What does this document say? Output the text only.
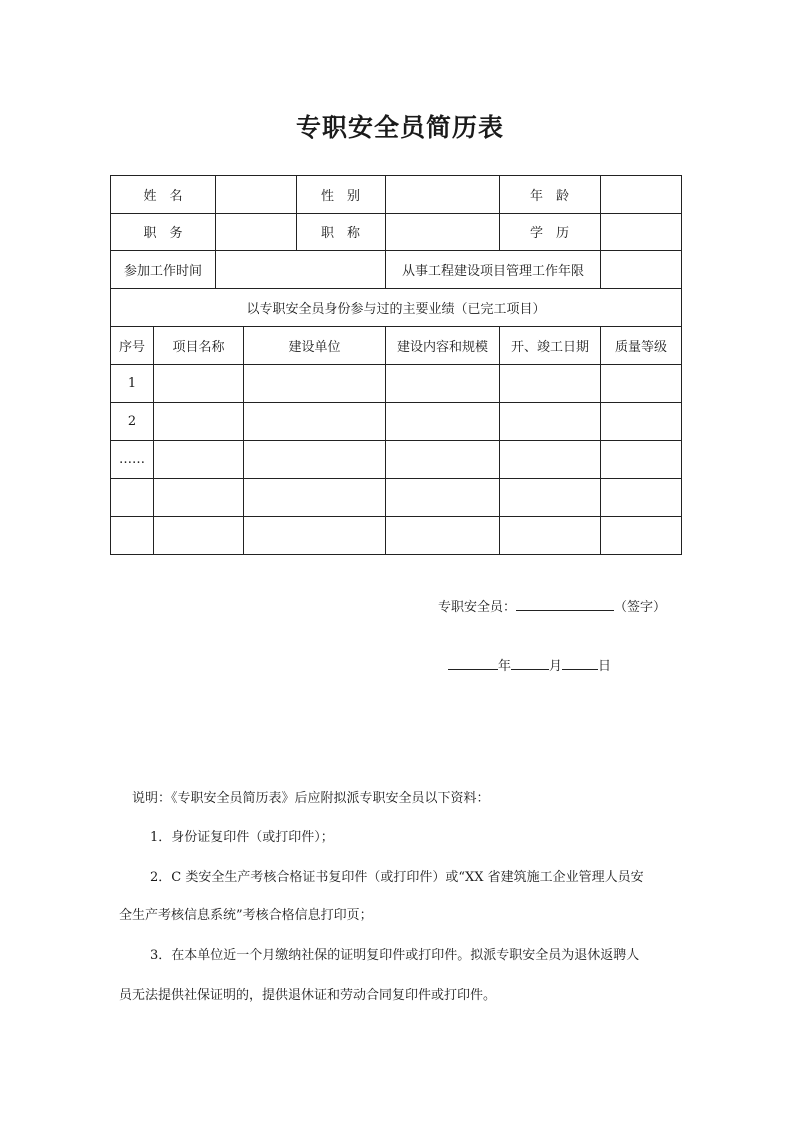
专职安全员简历表
姓　名	性　别	年　龄
职　务	职　称	学　历
参加工作时间	从事工程建设项目管理工作年限
以专职安全员身份参与过的主要业绩（已完工项目）
序号	项目名称	建设单位	建设内容和规模	开、竣工日期	质量等级
1
2
……
专职安全员：	（签字）
年	月	日
说明：《专职安全员简历表》后应附拟派专职安全员以下资料：
1．身份证复印件（或打印件）；
2．C 类安全生产考核合格证书复印件（或打印件）或“XX 省建筑施工企业管理人员安
全生产考核信息系统”考核合格信息打印页；
3．在本单位近一个月缴纳社保的证明复印件或打印件。拟派专职安全员为退休返聘人
员无法提供社保证明的，提供退休证和劳动合同复印件或打印件。
